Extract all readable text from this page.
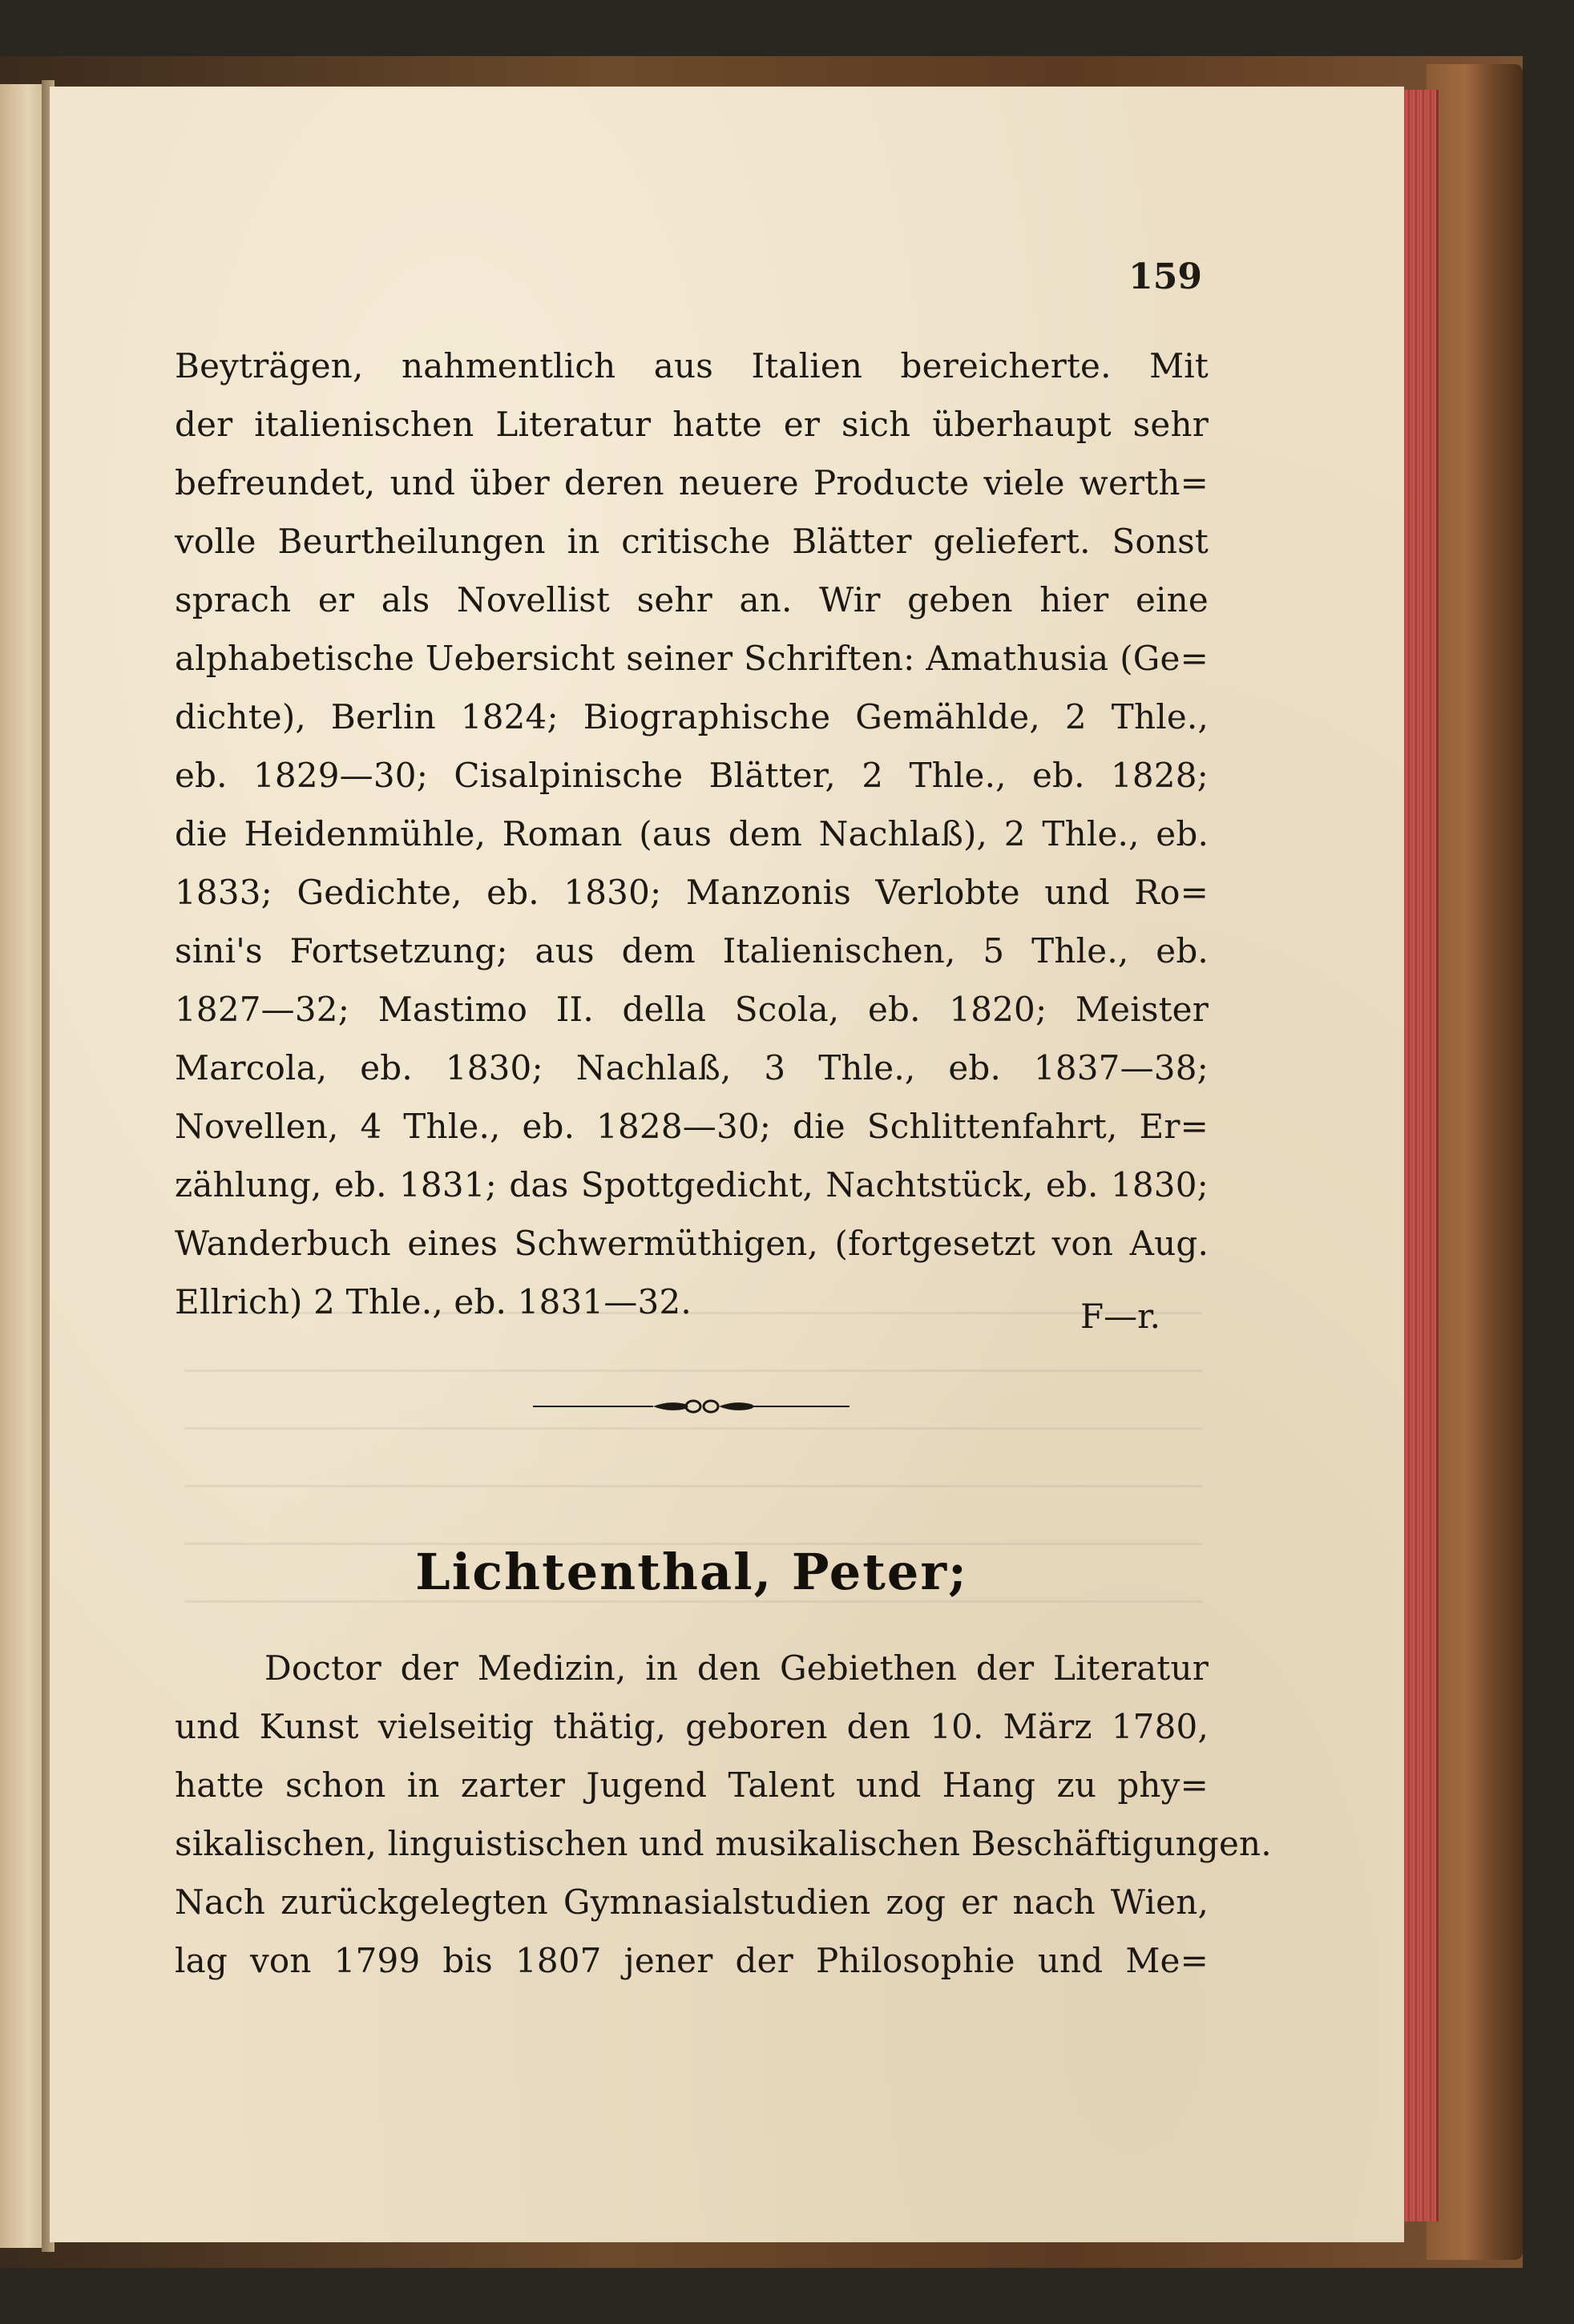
159
Beyträgen, nahmentlich aus Italien bereicherte. Mit
der italienischen Literatur hatte er sich überhaupt sehr
befreundet, und über deren neuere Producte viele werth=
volle Beurtheilungen in critische Blätter geliefert. Sonst
sprach er als Novellist sehr an. Wir geben hier eine
alphabetische Uebersicht seiner Schriften: Amathusia (Ge=
dichte), Berlin 1824; Biographische Gemählde, 2 Thle.,
eb. 1829—30; Cisalpinische Blätter, 2 Thle., eb. 1828;
die Heidenmühle, Roman (aus dem Nachlaß), 2 Thle., eb.
1833; Gedichte, eb. 1830; Manzonis Verlobte und Ro=
sini's Fortsetzung; aus dem Italienischen, 5 Thle., eb.
1827—32; Mastimo II. della Scola, eb. 1820; Meister
Marcola, eb. 1830; Nachlaß, 3 Thle., eb. 1837—38;
Novellen, 4 Thle., eb. 1828—30; die Schlittenfahrt, Er=
zählung, eb. 1831; das Spottgedicht, Nachtstück, eb. 1830;
Wanderbuch eines Schwermüthigen, (fortgesetzt von Aug.
Ellrich) 2 Thle., eb. 1831—32.	F—r.
Lichtenthal, Peter;
Doctor der Medizin, in den Gebiethen der Literatur
und Kunst vielseitig thätig, geboren den 10. März 1780,
hatte schon in zarter Jugend Talent und Hang zu phy=
sikalischen, linguistischen und musikalischen Beschäftigungen.
Nach zurückgelegten Gymnasialstudien zog er nach Wien,
lag von 1799 bis 1807 jener der Philosophie und Me=
